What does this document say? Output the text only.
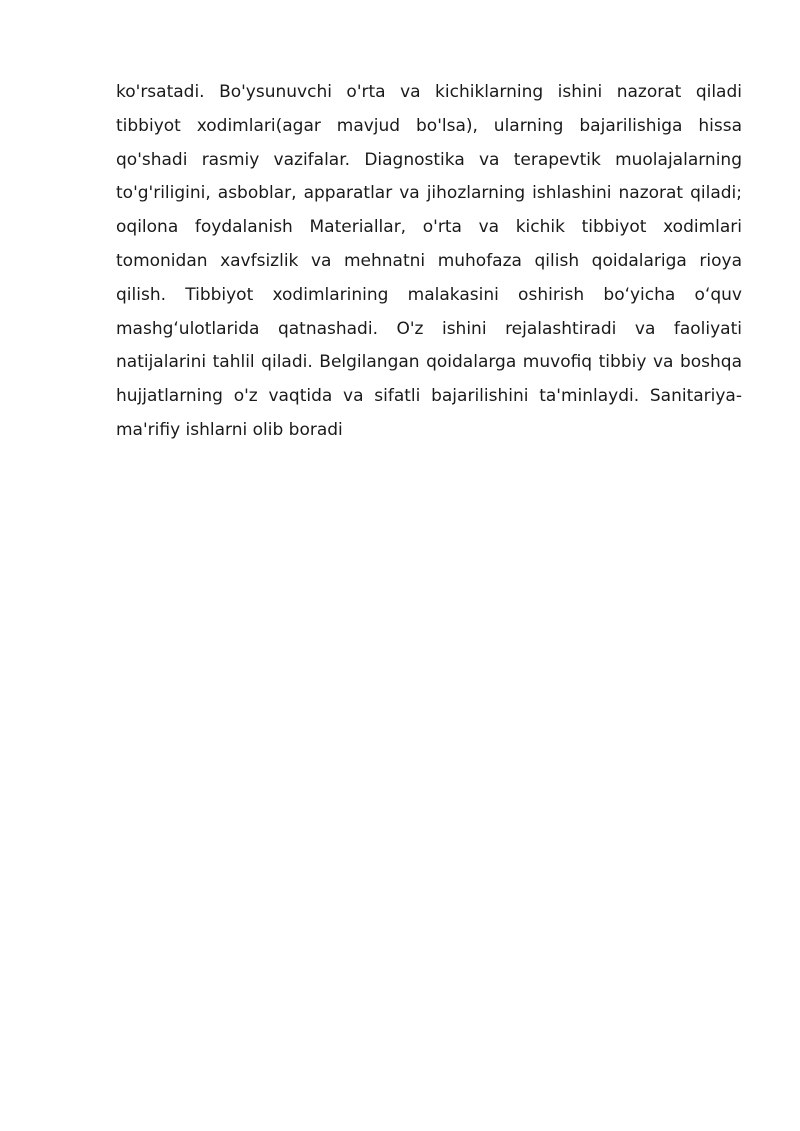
ko'rsatadi. Bo'ysunuvchi o'rta va kichiklarning ishini nazorat qiladi tibbiyot xodimlari(agar mavjud bo'lsa), ularning bajarilishiga hissa qo'shadi rasmiy vazifalar. Diagnostika va terapevtik muolajalarning to'g'riligini, asboblar, apparatlar va jihozlarning ishlashini nazorat qiladi; oqilona foydalanish Materiallar, o'rta va kichik tibbiyot xodimlari tomonidan xavfsizlik va mehnatni muhofaza qilish qoidalariga rioya qilish. Tibbiyot xodimlarining malakasini oshirish boʻyicha oʻquv mashgʻulotlarida qatnashadi. O'z ishini rejalashtiradi va faoliyati natijalarini tahlil qiladi. Belgilangan qoidalarga muvofiq tibbiy va boshqa hujjatlarning o'z vaqtida va sifatli bajarilishini ta'minlaydi. Sanitariya-ma'rifiy ishlarni olib boradi
